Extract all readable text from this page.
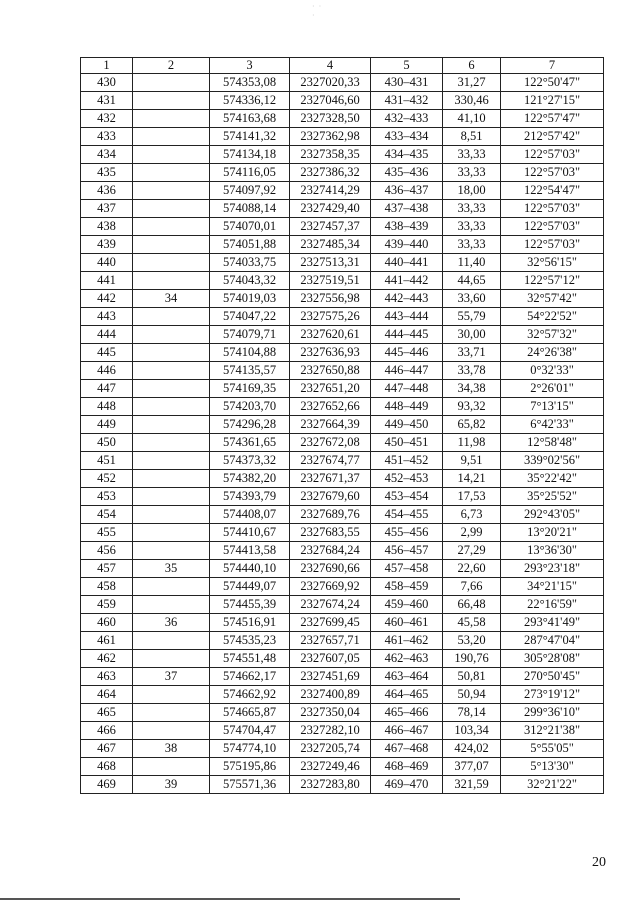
· · ·
1	2	3	4	5	6	7
430		574353,08	2327020,33	430–431	31,27	122°50'47"
431		574336,12	2327046,60	431–432	330,46	121°27'15"
432		574163,68	2327328,50	432–433	41,10	122°57'47"
433		574141,32	2327362,98	433–434	8,51	212°57'42"
434		574134,18	2327358,35	434–435	33,33	122°57'03"
435		574116,05	2327386,32	435–436	33,33	122°57'03"
436		574097,92	2327414,29	436–437	18,00	122°54'47"
437		574088,14	2327429,40	437–438	33,33	122°57'03"
438		574070,01	2327457,37	438–439	33,33	122°57'03"
439		574051,88	2327485,34	439–440	33,33	122°57'03"
440		574033,75	2327513,31	440–441	11,40	32°56'15"
441		574043,32	2327519,51	441–442	44,65	122°57'12"
442	34	574019,03	2327556,98	442–443	33,60	32°57'42"
443		574047,22	2327575,26	443–444	55,79	54°22'52"
444		574079,71	2327620,61	444–445	30,00	32°57'32"
445		574104,88	2327636,93	445–446	33,71	24°26'38"
446		574135,57	2327650,88	446–447	33,78	0°32'33"
447		574169,35	2327651,20	447–448	34,38	2°26'01"
448		574203,70	2327652,66	448–449	93,32	7°13'15"
449		574296,28	2327664,39	449–450	65,82	6°42'33"
450		574361,65	2327672,08	450–451	11,98	12°58'48"
451		574373,32	2327674,77	451–452	9,51	339°02'56"
452		574382,20	2327671,37	452–453	14,21	35°22'42"
453		574393,79	2327679,60	453–454	17,53	35°25'52"
454		574408,07	2327689,76	454–455	6,73	292°43'05"
455		574410,67	2327683,55	455–456	2,99	13°20'21"
456		574413,58	2327684,24	456–457	27,29	13°36'30"
457	35	574440,10	2327690,66	457–458	22,60	293°23'18"
458		574449,07	2327669,92	458–459	7,66	34°21'15"
459		574455,39	2327674,24	459–460	66,48	22°16'59"
460	36	574516,91	2327699,45	460–461	45,58	293°41'49"
461		574535,23	2327657,71	461–462	53,20	287°47'04"
462		574551,48	2327607,05	462–463	190,76	305°28'08"
463	37	574662,17	2327451,69	463–464	50,81	270°50'45"
464		574662,92	2327400,89	464–465	50,94	273°19'12"
465		574665,87	2327350,04	465–466	78,14	299°36'10"
466		574704,47	2327282,10	466–467	103,34	312°21'38"
467	38	574774,10	2327205,74	467–468	424,02	5°55'05"
468		575195,86	2327249,46	468–469	377,07	5°13'30"
469	39	575571,36	2327283,80	469–470	321,59	32°21'22"
20
